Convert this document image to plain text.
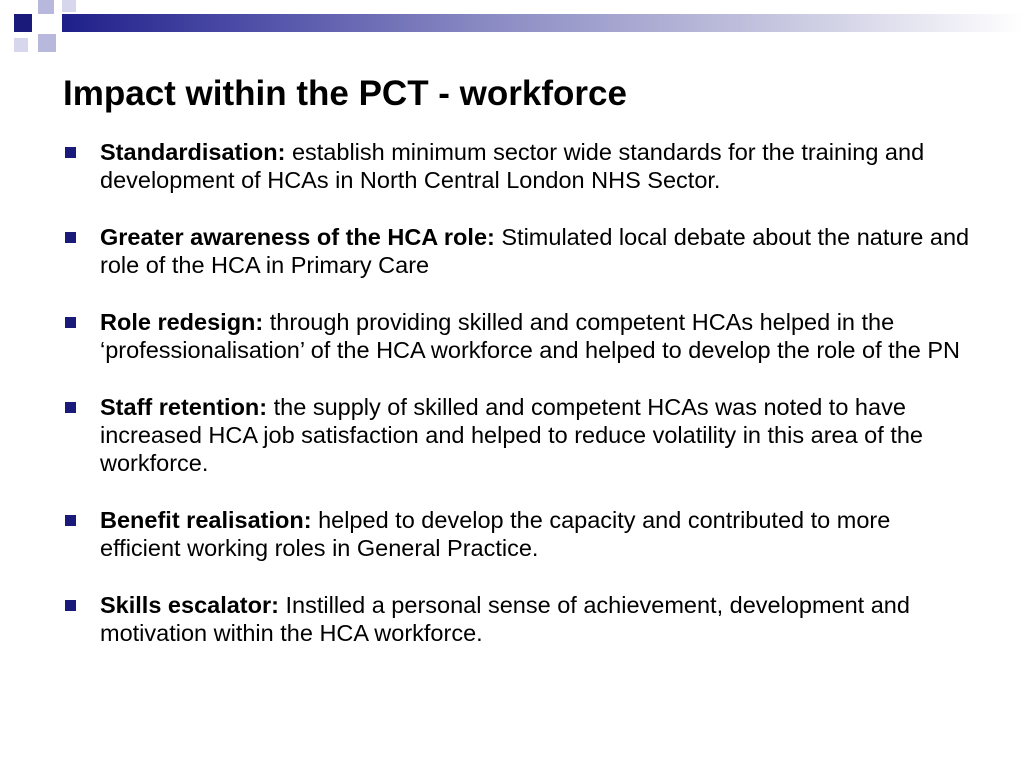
Impact within the PCT - workforce
Standardisation: establish minimum sector wide standards for the training and development of HCAs in North Central London NHS Sector.
Greater awareness of the HCA role: Stimulated local debate about the nature and role of the HCA in Primary Care
Role redesign: through providing skilled and competent HCAs helped in the ‘professionalisation’ of the HCA workforce and helped to develop the role of the PN
Staff retention: the supply of skilled and competent HCAs was noted to have increased HCA job satisfaction and helped to reduce volatility in this area of the workforce.
Benefit realisation: helped to develop the capacity and contributed to more efficient working roles in General Practice.
Skills escalator: Instilled a personal sense of achievement, development and motivation within the HCA workforce.
